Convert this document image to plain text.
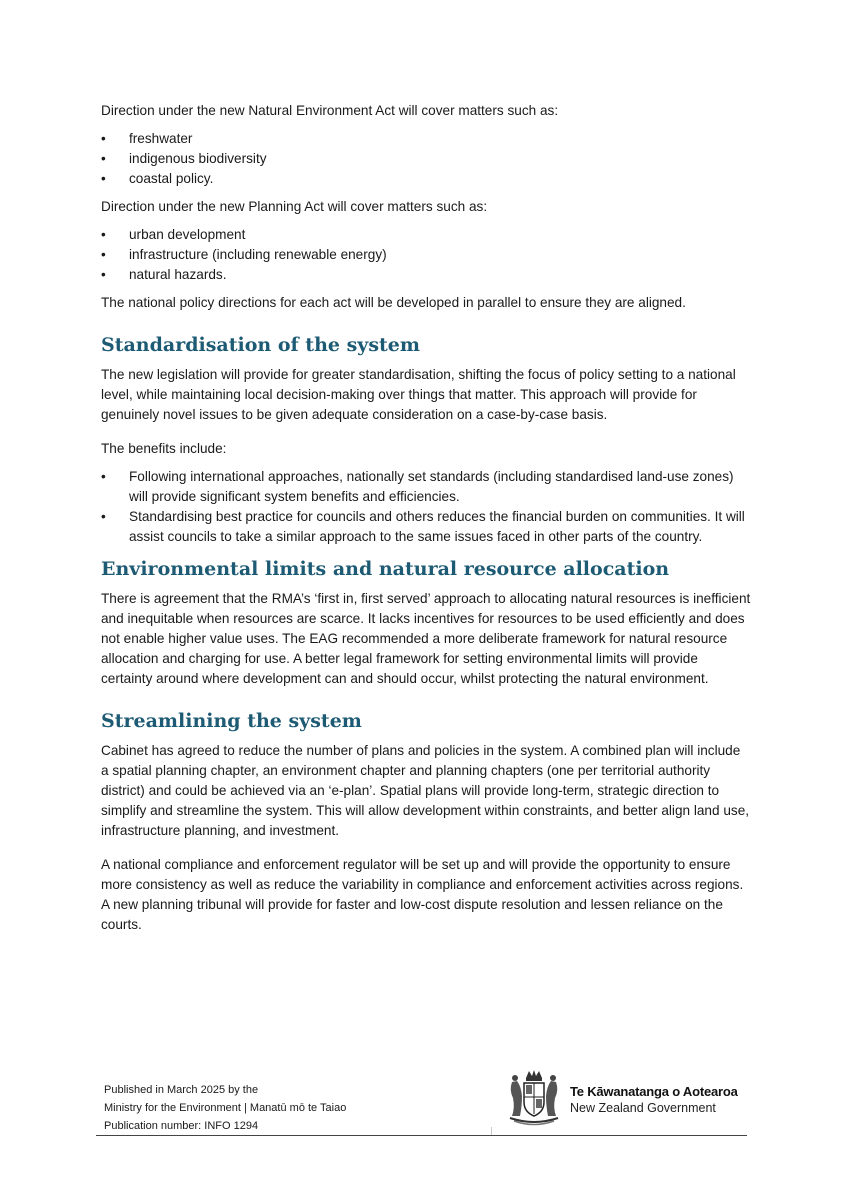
Direction under the new Natural Environment Act will cover matters such as:

•	freshwater
•	indigenous biodiversity
•	coastal policy.

Direction under the new Planning Act will cover matters such as:

•	urban development
•	infrastructure (including renewable energy)
•	natural hazards.

The national policy directions for each act will be developed in parallel to ensure they are aligned.

Standardisation of the system

The new legislation will provide for greater standardisation, shifting the focus of policy setting to a national level, while maintaining local decision-making over things that matter. This approach will provide for genuinely novel issues to be given adequate consideration on a case-by-case basis.

The benefits include:

•	Following international approaches, nationally set standards (including standardised land-use zones) will provide significant system benefits and efficiencies.
•	Standardising best practice for councils and others reduces the financial burden on communities. It will assist councils to take a similar approach to the same issues faced in other parts of the country.
Environmental limits and natural resource allocation

There is agreement that the RMA’s ‘first in, first served’ approach to allocating natural resources is inefficient and inequitable when resources are scarce. It lacks incentives for resources to be used efficiently and does not enable higher value uses. The EAG recommended a more deliberate framework for natural resource allocation and charging for use. A better legal framework for setting environmental limits will provide certainty around where development can and should occur, whilst protecting the natural environment.

Streamlining the system

Cabinet has agreed to reduce the number of plans and policies in the system. A combined plan will include a spatial planning chapter, an environment chapter and planning chapters (one per territorial authority district) and could be achieved via an ‘e-plan’. Spatial plans will provide long-term, strategic direction to simplify and streamline the system. This will allow development within constraints, and better align land use, infrastructure planning, and investment.

A national compliance and enforcement regulator will be set up and will provide the opportunity to ensure more consistency as well as reduce the variability in compliance and enforcement activities across regions. A new planning tribunal will provide for faster and low-cost dispute resolution and lessen reliance on the courts.

Published in March 2025 by the
Ministry for the Environment | Manatū mō te Taiao
Publication number: INFO 1294
Te Kāwanatanga o Aotearoa
New Zealand Government
